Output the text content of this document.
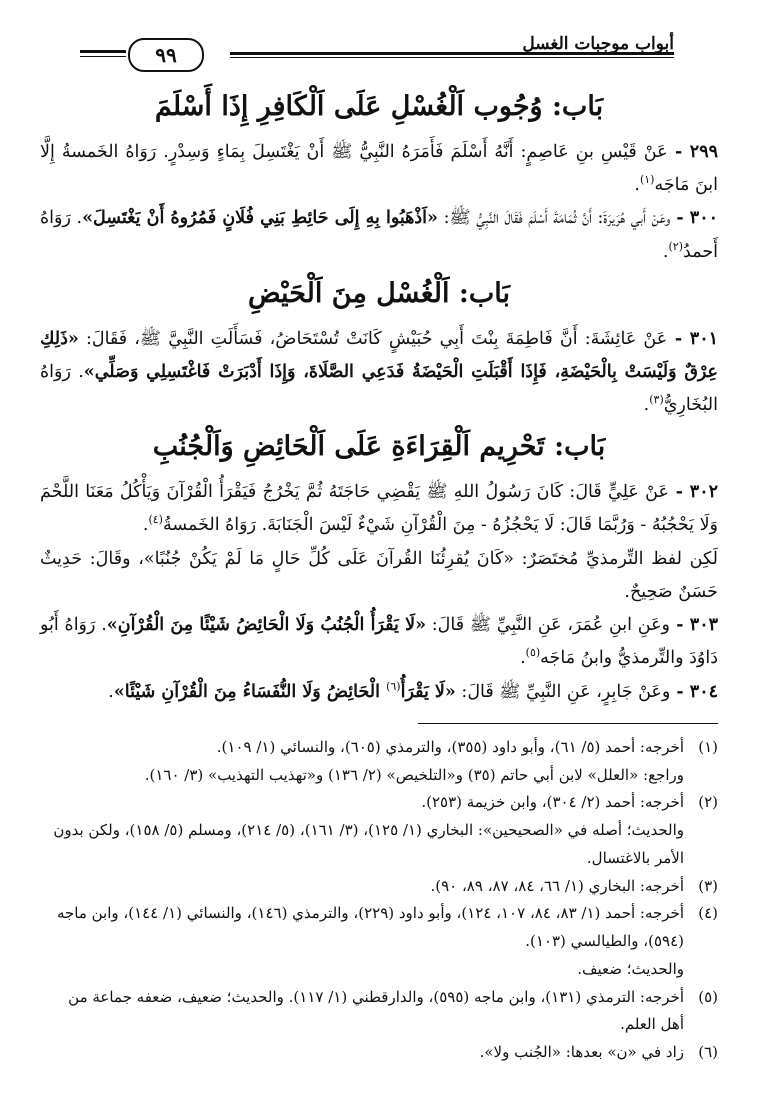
أبواب موجبات الغسل
٩٩
بَاب: وُجُوب اَلْغُسْلِ عَلَى اَلْكَافِرِ إِذَا أَسْلَمَ

٢٩٩ - عَنْ قَيْسِ بنِ عَاصِمٍ: أَنَّهُ أَسْلَمَ فَأَمَرَهُ النَّبِيُّ ﷺ أَنْ يَغْتَسِلَ بِمَاءٍ وَسِدْرٍ. رَوَاهُ الخَمسةُ إِلَّا ابنَ مَاجَه$^{(١)}$.

٣٠٠ - وعَنْ أَبي هُرَيرَةَ: أَنَّ ثُمَامَةَ أَسْلَمَ فَقَالَ النَّبِيُّ ﷺ: «اَذْهَبُوا بِهِ إِلَى حَائِطِ بَنِي فُلَانٍ فَمُرُوهُ أَنْ يَغْتَسِلَ». رَوَاهُ أَحمدُ$^{(٢)}$.

بَاب: اَلْغُسْل مِنَ اَلْحَيْضِ

٣٠١ - عَنْ عَائِشَةَ: أَنَّ فَاطِمَةَ بِنْتَ أَبِي حُبَيْشٍ كَانَتْ تُسْتَحَاضُ، فَسَأَلَتِ النَّبِيَّ ﷺ، فَقَالَ: «ذَلِكِ عِرْقٌ وَلَيْسَتْ بِالْحَيْضَةِ، فَإِذَا أَقْبَلَتِ الْحَيْضَةُ فَدَعِي الصَّلَاةَ، وَإِذَا أَدْبَرَتْ فَاغْتَسِلِي وَصَلِّي». رَوَاهُ البُخَارِيُّ$^{(٣)}$.

بَاب: تَحْرِيم اَلْقِرَاءَةِ عَلَى اَلْحَائِضِ وَاَلْجُنُبِ

٣٠٢ - عَنْ عَلِيٍّ قَالَ: كَانَ رَسُولُ اللهِ ﷺ يَقْضِي حَاجَتَهُ ثُمَّ يَخْرُجُ فَيَقْرَأُ الْقُرْآنَ وَيَأْكُلُ مَعَنَا اللَّحْمَ وَلَا يَحْجُبُهُ - وَرُبَّمَا قَالَ: لَا يَحْجُزُهُ - مِنَ الْقُرْآنِ شَيْءٌ لَيْسَ الْجَنَابَةَ. رَوَاهُ الخَمسةُ$^{(٤)}$.

لَكِن لفظ التِّرمذيِّ مُختَصَرٌ: «كَانَ يُقرِئُنَا القُرآنَ عَلَى كُلِّ حَالٍ مَا لَمْ يَكُنْ جُنُبًا»، وقَالَ: حَدِيثٌ حَسَنٌ صَحِيحٌ.

٣٠٣ - وعَنِ ابنِ عُمَرَ، عَنِ النَّبِيِّ ﷺ قَالَ: «لَا يَقْرَأُ الْجُنُبُ وَلَا الْحَائِضُ شَيْئًا مِنَ الْقُرْآنِ». رَوَاهُ أَبُو دَاوُدَ والتِّرمذيُّ وابنُ مَاجَه$^{(٥)}$.

٣٠٤ - وعَنْ جَابِرٍ، عَنِ النَّبِيِّ ﷺ قَالَ: «لَا يَقْرَأُ$^{(٦)}$ الْحَائِضُ وَلَا النُّفَسَاءُ مِنَ الْقُرْآنِ شَيْئًا».

(١)
أخرجه: أحمد (٥/ ٦١)، وأبو داود (٣٥٥)، والترمذي (٦٠٥)، والنسائي (١/ ١٠٩).
وراجع: «العلل» لابن أبي حاتم (٣٥) و«التلخيص» (٢/ ١٣٦) و«تهذيب التهذيب» (٣/ ١٦٠).
(٢)
أخرجه: أحمد (٢/ ٣٠٤)، وابن خزيمة (٢٥٣).
والحديث؛ أصله في «الصحيحين»: البخاري (١/ ١٢٥)، (٣/ ١٦١)، (٥/ ٢١٤)، ومسلم (٥/ ١٥٨)، ولكن بدون الأمر بالاغتسال.
(٣)
أخرجه: البخاري (١/ ٦٦، ٨٤، ٨٧، ٨٩، ٩٠).
(٤)
أخرجه: أحمد (١/ ٨٣، ٨٤، ١٠٧، ١٢٤)، وأبو داود (٢٢٩)، والترمذي (١٤٦)، والنسائي (١/ ١٤٤)، وابن ماجه (٥٩٤)، والطيالسي (١٠٣).
والحديث؛ ضعيف.
(٥)
أخرجه: الترمذي (١٣١)، وابن ماجه (٥٩٥)، والدارقطني (١/ ١١٧). والحديث؛ ضعيف، ضعفه جماعة من أهل العلم.
(٦)
زاد في «ن» بعدها: «الجُنب ولا».
